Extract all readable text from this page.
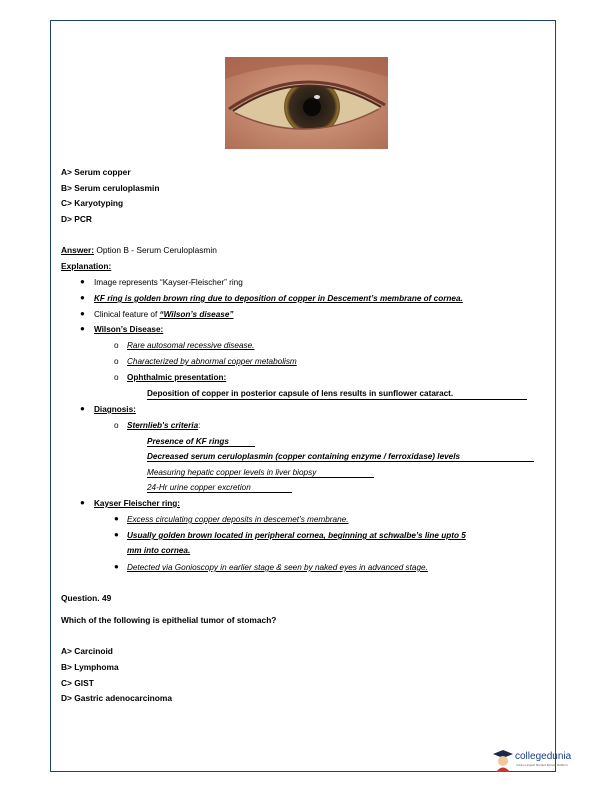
A> Serum copper
B> Serum ceruloplasmin
C> Karyotyping
D> PCR
Answer: Option B - Serum Ceruloplasmin
Explanation:
● Image represents “Kayser-Fleischer” ring
● KF ring is golden brown ring due to deposition of copper in Descement’s membrane of cornea.
● Clinical feature of “Wilson’s disease”
● Wilson’s Disease:
o Rare autosomal recessive disease.
o Characterized by abnormal copper metabolism
o Ophthalmic presentation:
Deposition of copper in posterior capsule of lens results in sunflower cataract.
● Diagnosis:
o Sternlieb's criteria:
Presence of KF rings
Decreased serum ceruloplasmin (copper containing enzyme / ferroxidase) levels
Measuring hepatic copper levels in liver biopsy
24-Hr urine copper excretion
● Kayser Fleischer ring:
● Excess circulating copper deposits in descemet’s membrane.
● Usually golden brown located in peripheral cornea, beginning at schwalbe’s line upto 5
mm into cornea.
● Detected via Gonioscopy in earlier stage & seen by naked eyes in advanced stage.
Question. 49
Which of the following is epithelial tumor of stomach?
A> Carcinoid
B> Lymphoma
C> GIST
D> Gastric adenocarcinoma
collegedunia
India's Largest Student Review Platform
